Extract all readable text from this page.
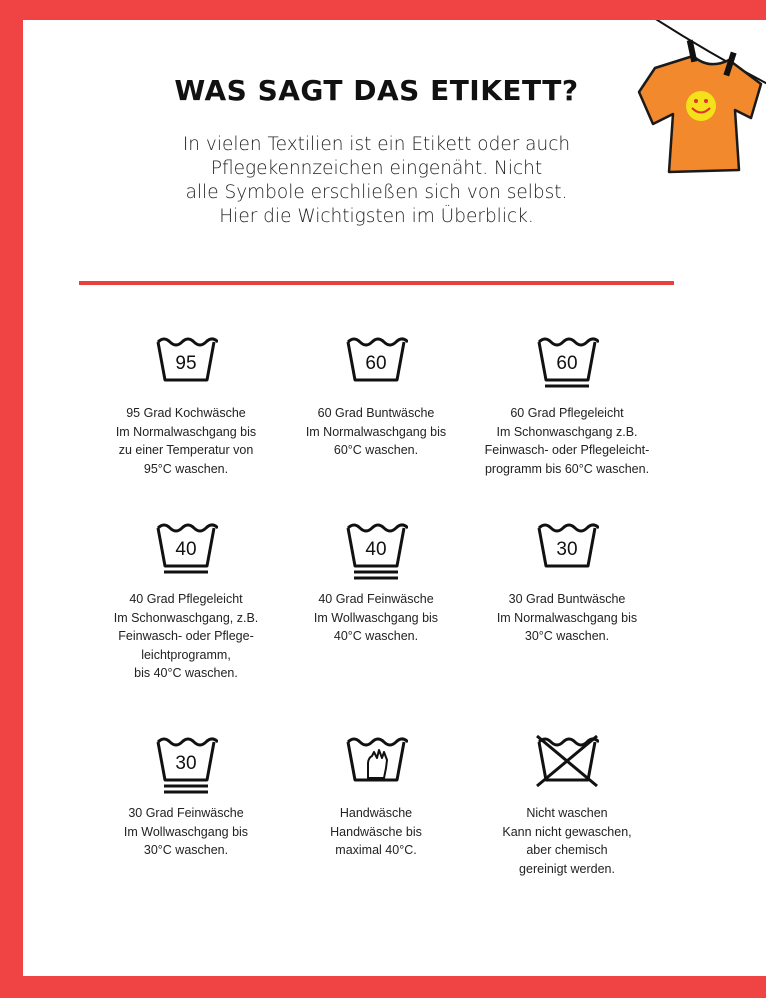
WAS SAGT DAS ETIKETT?
In vielen Textilien ist ein Etikett oder auch
Pflegekennzeichen eingenäht. Nicht
alle Symbole erschließen sich von selbst.
Hier die Wichtigsten im Überblick.
95
95 Grad Kochwäsche
Im Normalwaschgang bis
zu einer Temperatur von
95°C waschen.
60
60 Grad Buntwäsche
Im Normalwaschgang bis
60°C waschen.
60
60 Grad Pflegeleicht
Im Schonwaschgang z.B.
Feinwasch- oder Pflegeleicht-
programm bis 60°C waschen.
40
40 Grad Pflegeleicht
Im Schonwaschgang, z.B.
Feinwasch- oder Pflege-
leichtprogramm,
bis 40°C waschen.
40
40 Grad Feinwäsche
Im Wollwaschgang bis
40°C waschen.
30
30 Grad Buntwäsche
Im Normalwaschgang bis
30°C waschen.
30
30 Grad Feinwäsche
Im Wollwaschgang bis
30°C waschen.
Handwäsche
Handwäsche bis
maximal 40°C.
Nicht waschen
Kann nicht gewaschen,
aber chemisch
gereinigt werden.
